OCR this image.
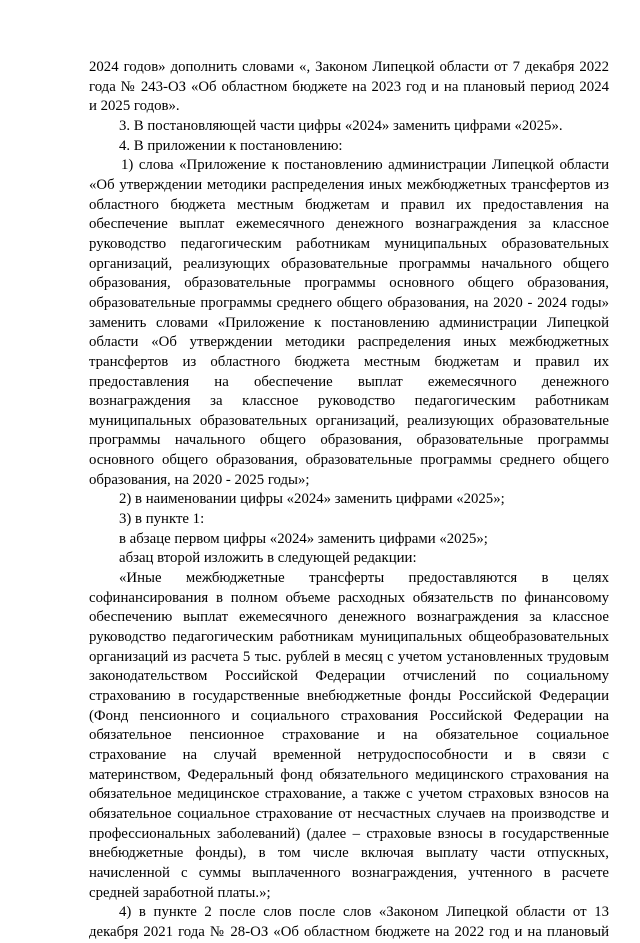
2024 годов» дополнить словами «, Законом Липецкой области от 7 декабря 2022
года № 243-ОЗ «Об областном бюджете на 2023 год и на плановый период 2024
и 2025 годов».
3. В постановляющей части цифры «2024» заменить цифрами «2025».
4. В приложении к постановлению:
1) слова «Приложение к постановлению администрации Липецкой области
«Об утверждении методики распределения иных межбюджетных трансфертов из
областного бюджета местным бюджетам и правил их предоставления на
обеспечение выплат ежемесячного денежного вознаграждения за классное
руководство педагогическим работникам муниципальных образовательных
организаций, реализующих образовательные программы начального общего
образования, образовательные программы основного общего образования,
образовательные программы среднего общего образования, на 2020 - 2024 годы»
заменить словами «Приложение к постановлению администрации Липецкой
области «Об утверждении методики распределения иных межбюджетных
трансфертов из областного бюджета местным бюджетам и правил их
предоставления на обеспечение выплат ежемесячного денежного
вознаграждения за классное руководство педагогическим работникам
муниципальных образовательных организаций, реализующих образовательные
программы начального общего образования, образовательные программы
основного общего образования, образовательные программы среднего общего
образования, на 2020 - 2025 годы»;
2) в наименовании цифры «2024» заменить цифрами «2025»;
3) в пункте 1:
в абзаце первом цифры «2024» заменить цифрами «2025»;
абзац второй изложить в следующей редакции:
«Иные межбюджетные трансферты предоставляются в целях
софинансирования в полном объеме расходных обязательств по финансовому
обеспечению выплат ежемесячного денежного вознаграждения за классное
руководство педагогическим работникам муниципальных общеобразовательных
организаций из расчета 5 тыс. рублей в месяц с учетом установленных трудовым
законодательством Российской Федерации отчислений по социальному
страхованию в государственные внебюджетные фонды Российской Федерации
(Фонд пенсионного и социального страхования Российской Федерации на
обязательное пенсионное страхование и на обязательное социальное
страхование на случай временной нетрудоспособности и в связи с
материнством, Федеральный фонд обязательного медицинского страхования на
обязательное медицинское страхование, а также с учетом страховых взносов на
обязательное социальное страхование от несчастных случаев на производстве и
профессиональных заболеваний) (далее – страховые взносы в государственные
внебюджетные фонды), в том числе включая выплату части отпускных,
начисленной с суммы выплаченного вознаграждения, учтенного в расчете
средней заработной платы.»;
4) в пункте 2 после слов после слов «Законом Липецкой области от 13
декабря 2021 года № 28-ОЗ «Об областном бюджете на 2022 год и на плановый
